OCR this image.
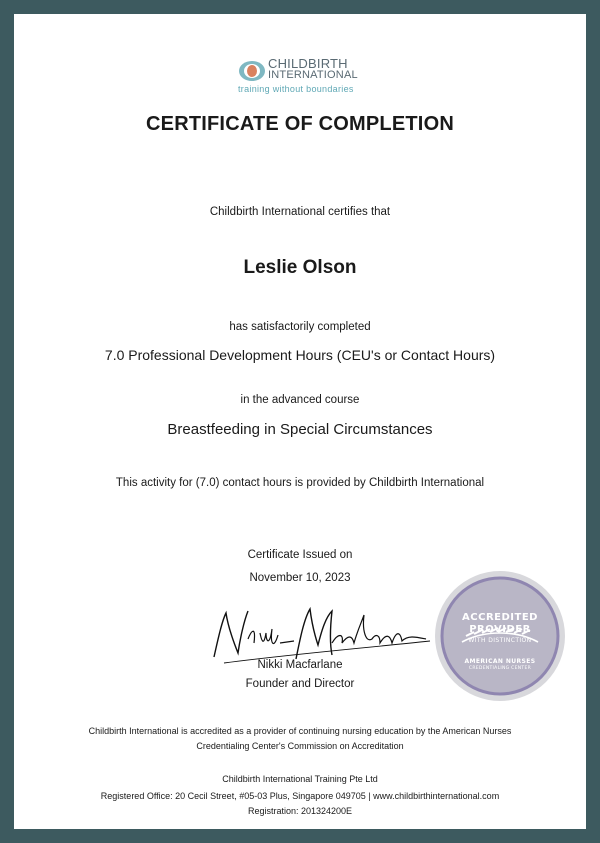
CHILDBIRTH
INTERNATIONAL
training without boundaries
CERTIFICATE OF COMPLETION
Childbirth International certifies that
Leslie Olson
has satisfactorily completed
7.0 Professional Development Hours (CEU's or Contact Hours)
in the advanced course
Breastfeeding in Special Circumstances
This activity for (7.0) contact hours is provided by Childbirth International
Certificate Issued on
November 10, 2023
Nikki Macfarlane
Founder and Director
ACCREDITED
PROVIDER
WITH DISTINCTION
AMERICAN NURSES
CREDENTIALING CENTER
Childbirth International is accredited as a provider of continuing nursing education by the American Nurses
Credentialing Center's Commission on Accreditation
Childbirth International Training Pte Ltd
Registered Office: 20 Cecil Street, #05-03 Plus, Singapore 049705 | www.childbirthinternational.com
Registration: 201324200E
